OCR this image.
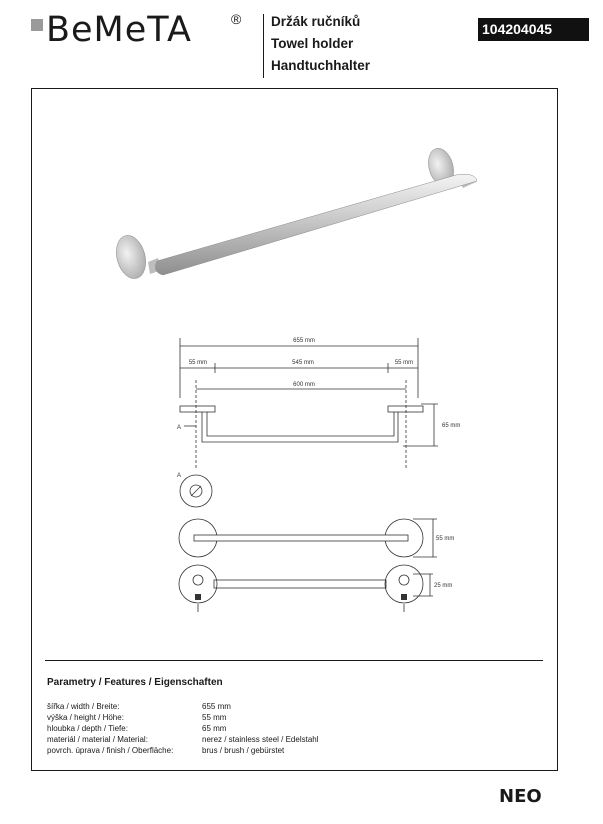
BeMeTA	® Držák ručníků
Towel holder
Handtuchhalter
104204045
655 mm
55 mm	545 mm	55 mm
600 mm
65 mm
A
A
55 mm
25 mm
Parametry / Features / Eigenschaften
šířka / width / Breite:	655 mm
výška / height / Höhe:	55 mm
hloubka / depth / Tiefe:	65 mm
materiál / material / Material:	nerez / stainless steel / Edelstahl
povrch. úprava / finish / Oberfläche:	brus / brush / gebürstet
NEO
